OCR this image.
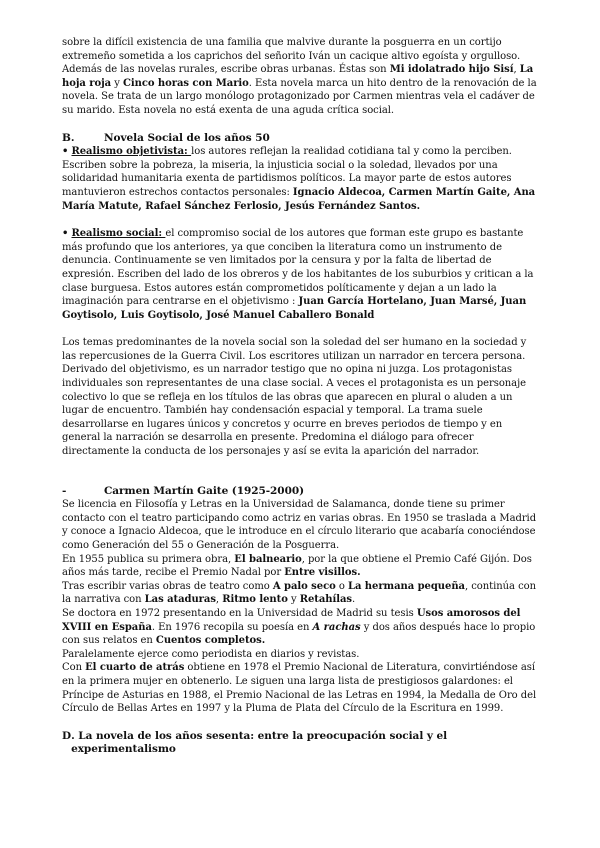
sobre la difícil existencia de una familia que malvive durante la posguerra en un cortijo extremeño sometida a los caprichos del señorito Iván un cacique altivo egoísta y orgulloso. Además de las novelas rurales, escribe obras urbanas. Éstas son Mi idolatrado hijo Sisí, La hoja roja y Cinco horas con Mario. Esta novela marca un hito dentro de la renovación de la novela. Se trata de un largo monólogo protagonizado por Carmen mientras vela el cadáver de su marido. Esta novela no está exenta de una aguda crítica social.

B.	Novela Social de los años 50

• Realismo objetivista: los autores reflejan la realidad cotidiana tal y como la perciben. Escriben sobre la pobreza, la miseria, la injusticia social o la soledad, llevados por una solidaridad humanitaria exenta de partidismos políticos. La mayor parte de estos autores mantuvieron estrechos contactos personales: Ignacio Aldecoa, Carmen Martín Gaite, Ana María Matute, Rafael Sánchez Ferlosio, Jesús Fernández Santos.

• Realismo social: el compromiso social de los autores que forman este grupo es bastante más profundo que los anteriores, ya que conciben la literatura como un instrumento de denuncia. Continuamente se ven limitados por la censura y por la falta de libertad de expresión. Escriben del lado de los obreros y de los habitantes de los suburbios y critican a la clase burguesa. Estos autores están comprometidos políticamente y dejan a un lado la imaginación para centrarse en el objetivismo : Juan García Hortelano, Juan Marsé, Juan Goytisolo, Luis Goytisolo, José Manuel Caballero Bonald

Los temas predominantes de la novela social son la soledad del ser humano en la sociedad y las repercusiones de la Guerra Civil. Los escritores utilizan un narrador en tercera persona. Derivado del objetivismo, es un narrador testigo que no opina ni juzga. Los protagonistas individuales son representantes de una clase social. A veces el protagonista es un personaje colectivo lo que se refleja en los títulos de las obras que aparecen en plural o aluden a un lugar de encuentro. También hay condensación espacial y temporal. La trama suele desarrollarse en lugares únicos y concretos y ocurre en breves periodos de tiempo y en general la narración se desarrolla en presente. Predomina el diálogo para ofrecer directamente la conducta de los personajes y así se evita la aparición del narrador.

-	Carmen Martín Gaite (1925-2000)

Se licencia en Filosofía y Letras en la Universidad de Salamanca, donde tiene su primer contacto con el teatro participando como actriz en varias obras. En 1950 se traslada a Madrid y conoce a Ignacio Aldecoa, que le introduce en el círculo literario que acabaría conociéndose como Generación del 55 o Generación de la Posguerra.

En 1955 publica su primera obra, El balneario, por la que obtiene el Premio Café Gijón. Dos años más tarde, recibe el Premio Nadal por Entre visillos.

Tras escribir varias obras de teatro como A palo seco o La hermana pequeña, continúa con la narrativa con Las ataduras, Ritmo lento y Retahílas.

Se doctora en 1972 presentando en la Universidad de Madrid su tesis Usos amorosos del XVIII en España. En 1976 recopila su poesía en A rachas y dos años después hace lo propio con sus relatos en Cuentos completos.

Paralelamente ejerce como periodista en diarios y revistas.

Con El cuarto de atrás obtiene en 1978 el Premio Nacional de Literatura, convirtiéndose así en la primera mujer en obtenerlo. Le siguen una larga lista de prestigiosos galardones: el Príncipe de Asturias en 1988, el Premio Nacional de las Letras en 1994, la Medalla de Oro del Círculo de Bellas Artes en 1997 y la Pluma de Plata del Círculo de la Escritura en 1999.

D . La novela de los años sesenta: entre la preocupación social y el experimentalismo
